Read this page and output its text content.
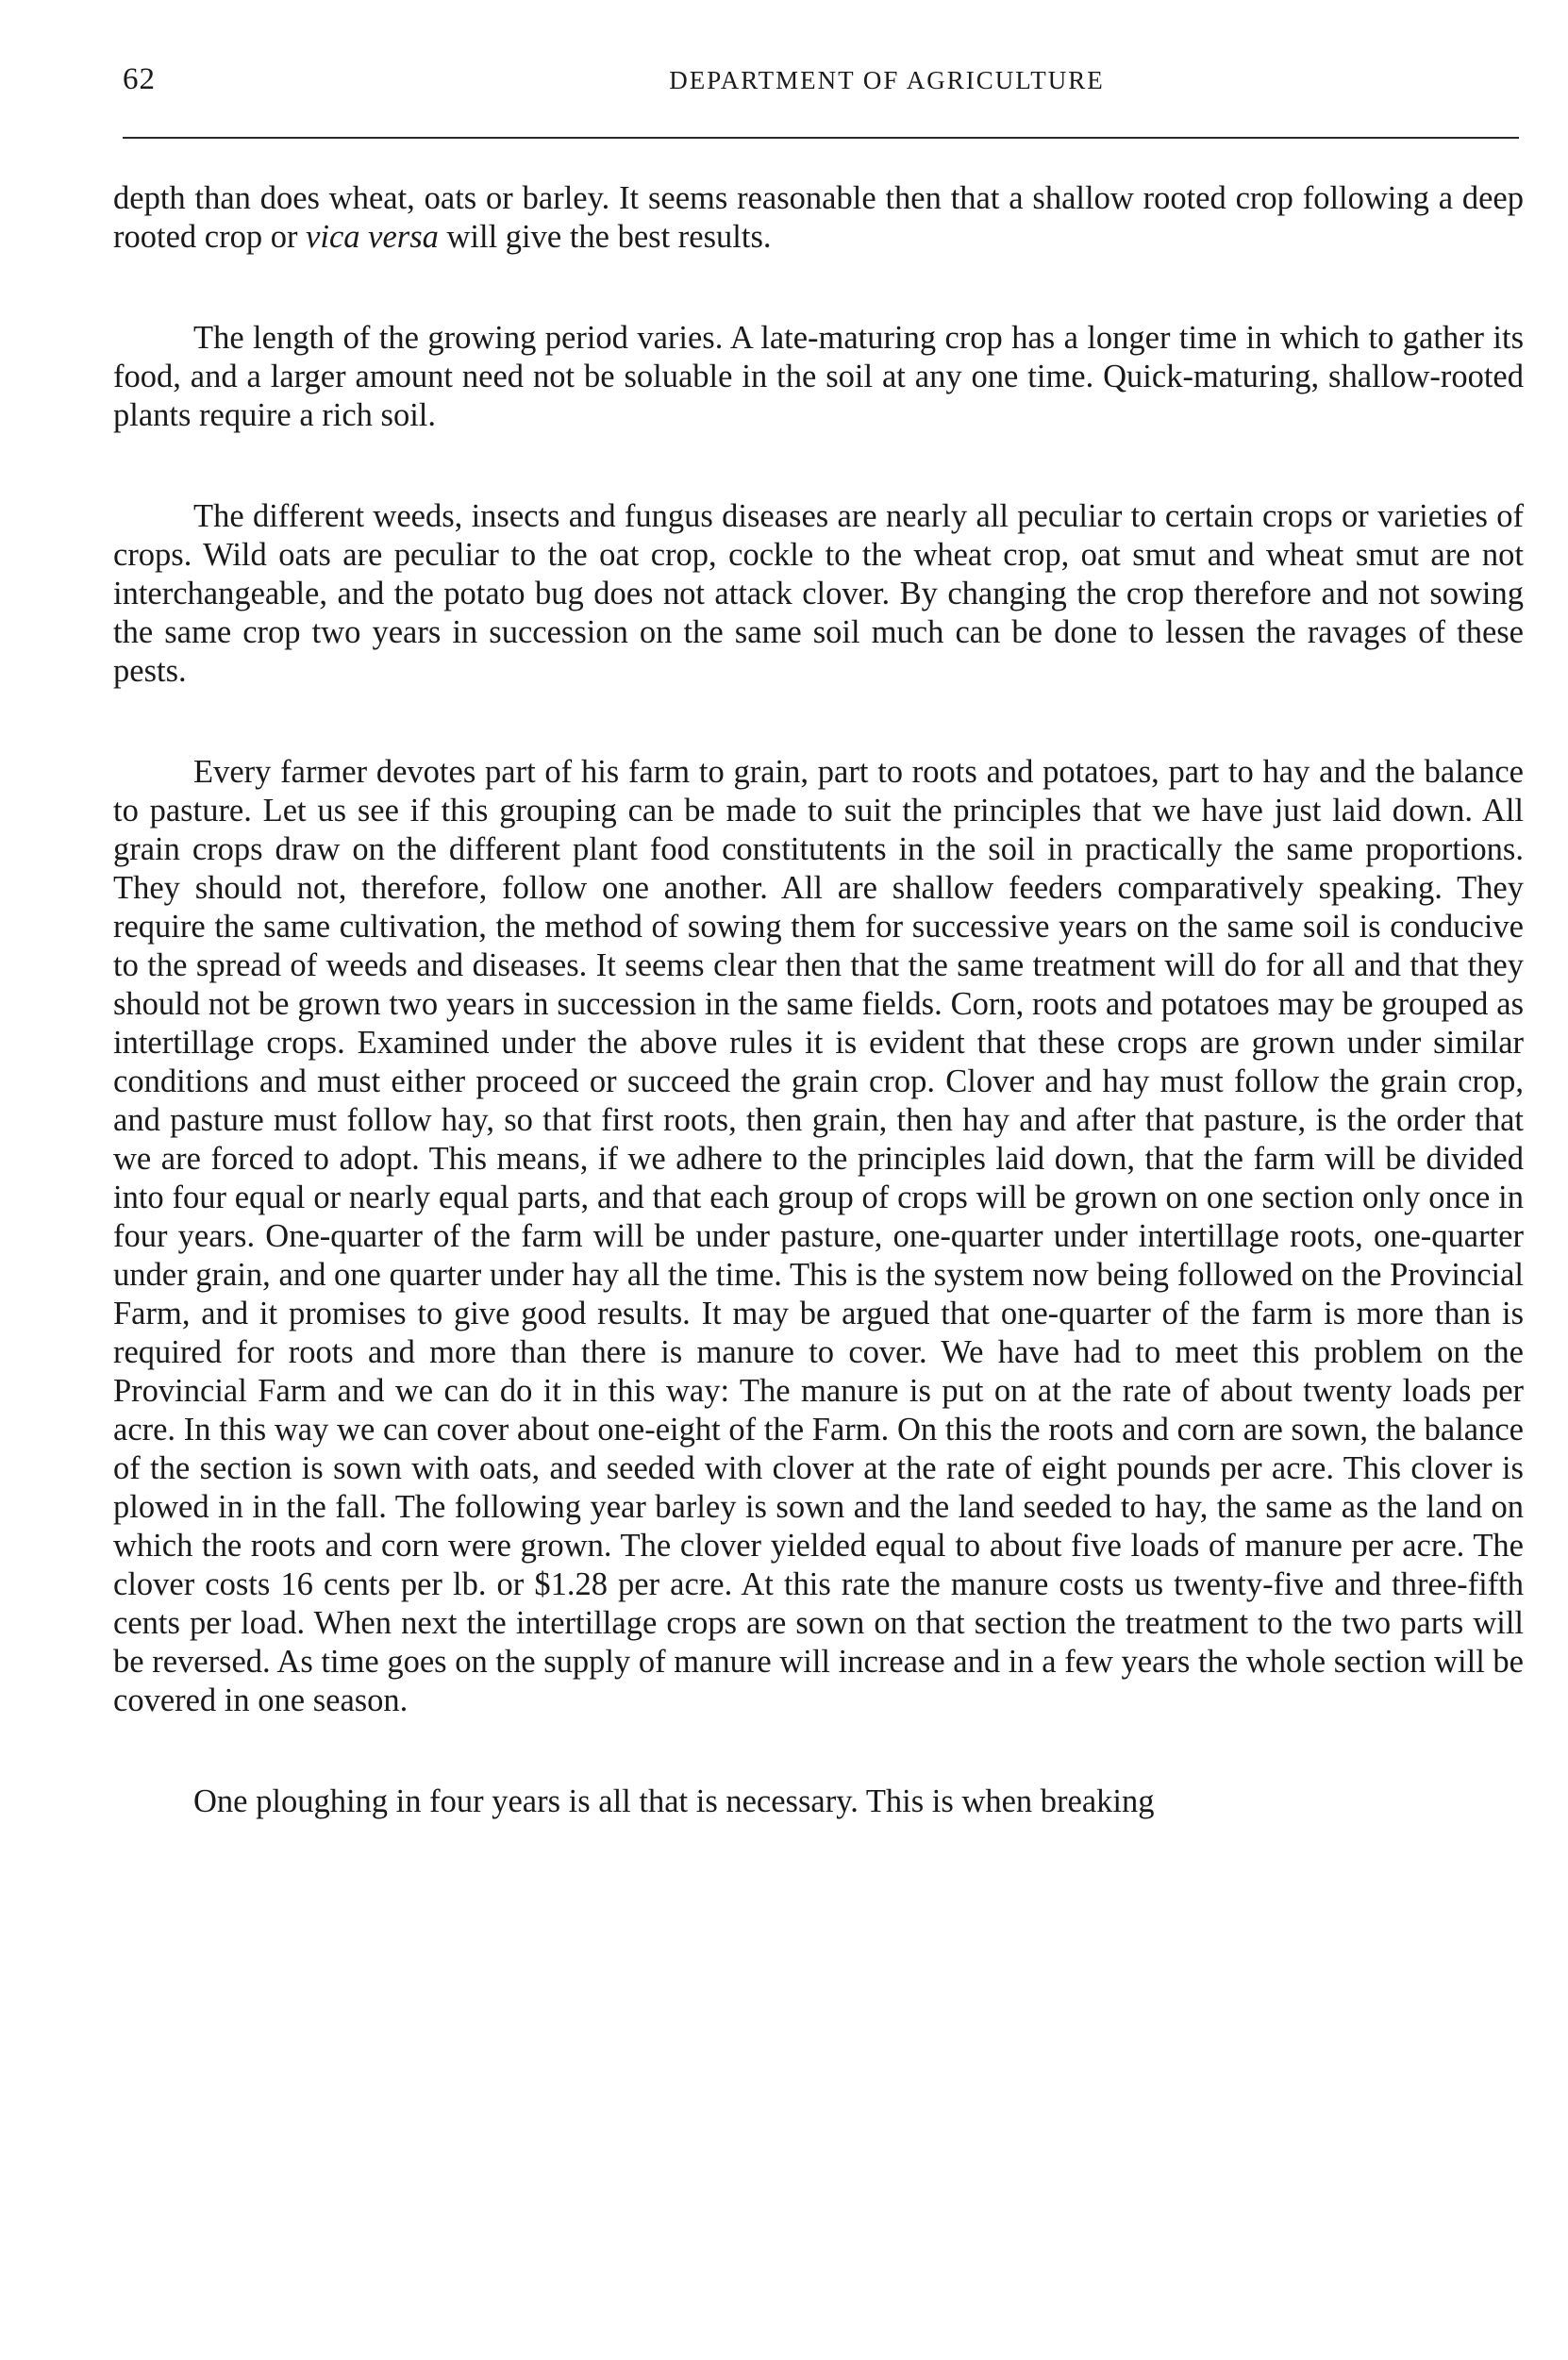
62	DEPARTMENT OF AGRICULTURE

depth than does wheat, oats or barley. It seems reasonable then that a shallow rooted crop following a deep rooted crop or vica versa will give the best results.

The length of the growing period varies. A late-maturing crop has a longer time in which to gather its food, and a larger amount need not be soluable in the soil at any one time. Quick-maturing, shallow-rooted plants require a rich soil.

The different weeds, insects and fungus diseases are nearly all peculiar to certain crops or varieties of crops. Wild oats are peculiar to the oat crop, cockle to the wheat crop, oat smut and wheat smut are not interchangeable, and the potato bug does not attack clover. By changing the crop therefore and not sowing the same crop two years in succession on the same soil much can be done to lessen the ravages of these pests.

Every farmer devotes part of his farm to grain, part to roots and potatoes, part to hay and the balance to pasture. Let us see if this grouping can be made to suit the principles that we have just laid down. All grain crops draw on the different plant food constitutents in the soil in practically the same proportions. They should not, therefore, follow one another. All are shallow feeders comparatively speaking. They require the same cultivation, the method of sowing them for successive years on the same soil is conducive to the spread of weeds and diseases. It seems clear then that the same treatment will do for all and that they should not be grown two years in succession in the same fields. Corn, roots and potatoes may be grouped as intertillage crops. Examined under the above rules it is evident that these crops are grown under similar conditions and must either proceed or succeed the grain crop. Clover and hay must follow the grain crop, and pasture must follow hay, so that first roots, then grain, then hay and after that pasture, is the order that we are forced to adopt. This means, if we adhere to the principles laid down, that the farm will be divided into four equal or nearly equal parts, and that each group of crops will be grown on one section only once in four years. One-quarter of the farm will be under pasture, one-quarter under intertillage roots, one-quarter under grain, and one quarter under hay all the time. This is the system now being followed on the Provincial Farm, and it promises to give good results. It may be argued that one-quarter of the farm is more than is required for roots and more than there is manure to cover. We have had to meet this problem on the Provincial Farm and we can do it in this way: The manure is put on at the rate of about twenty loads per acre. In this way we can cover about one-eight of the Farm. On this the roots and corn are sown, the balance of the section is sown with oats, and seeded with clover at the rate of eight pounds per acre. This clover is plowed in in the fall. The following year barley is sown and the land seeded to hay, the same as the land on which the roots and corn were grown. The clover yielded equal to about five loads of manure per acre. The clover costs 16 cents per lb. or $1.28 per acre. At this rate the manure costs us twenty-five and three-fifth cents per load. When next the intertillage crops are sown on that section the treatment to the two parts will be reversed. As time goes on the supply of manure will increase and in a few years the whole section will be covered in one season.

One ploughing in four years is all that is necessary. This is when breaking
